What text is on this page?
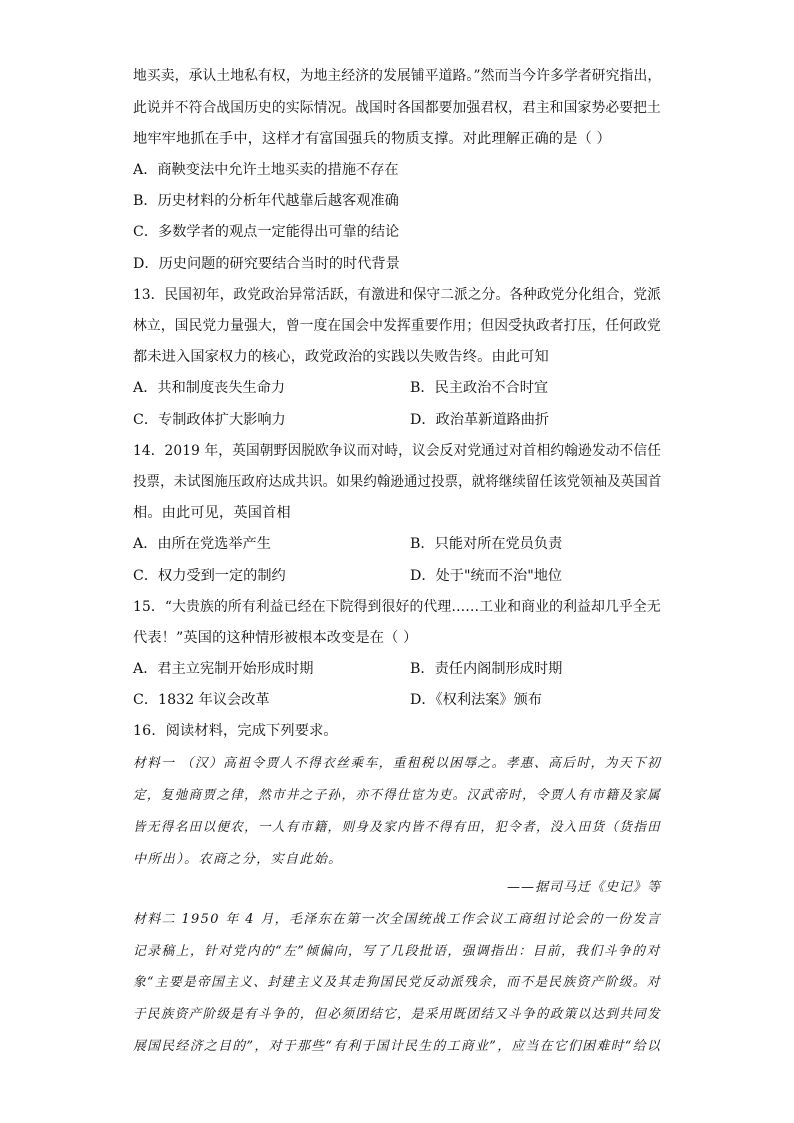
地买卖，承认土地私有权，为地主经济的发展铺平道路。”然而当今许多学者研究指出，
此说并不符合战国历史的实际情况。战国时各国都要加强君权，君主和国家势必要把土
地牢牢地抓在手中，这样才有富国强兵的物质支撑。对此理解正确的是（ ）
A．商鞅变法中允许土地买卖的措施不存在
B．历史材料的分析年代越靠后越客观准确
C．多数学者的观点一定能得出可靠的结论
D．历史问题的研究要结合当时的时代背景
13．民国初年，政党政治异常活跃，有激进和保守二派之分。各种政党分化组合，党派
林立，国民党力量强大，曾一度在国会中发挥重要作用；但因受执政者打压，任何政党
都未进入国家权力的核心，政党政治的实践以失败告终。由此可知
A．共和制度丧失生命力	B．民主政治不合时宜
C．专制政体扩大影响力	D．政治革新道路曲折
14．2019 年，英国朝野因脱欧争议而对峙，议会反对党通过对首相约翰逊发动不信任
投票，未试图施压政府达成共识。如果约翰逊通过投票，就将继续留任该党领袖及英国首
相。由此可见，英国首相
A．由所在党选举产生	B．只能对所在党员负责
C．权力受到一定的制约	D．处于"统而不治"地位
15．“大贵族的所有利益已经在下院得到很好的代理……工业和商业的利益却几乎全无
代表！”英国的这种情形被根本改变是在（ ）
A．君主立宪制开始形成时期	B．责任内阁制形成时期
C．1832 年议会改革	D．《权利法案》颁布
16．阅读材料，完成下列要求。
材料一 （汉）高祖令贾人不得衣丝乘车，重租税以困辱之。孝惠、高后时，为天下初
定，复弛商贾之律，然市井之子孙，亦不得仕宦为吏。汉武帝时，令贾人有市籍及家属
皆无得名田以便农，一人有市籍，则身及家内皆不得有田，犯令者，没入田货（货指田
中所出）。农商之分，实自此始。
——据司马迁《史记》等
材料二 1950 年 4 月，毛泽东在第一次全国统战工作会议工商组讨论会的一份发言
记录稿上，针对党内的“左”倾偏向，写了几段批语，强调指出：目前，我们斗争的对
象“主要是帝国主义、封建主义及其走狗国民党反动派残余，而不是民族资产阶级。对
于民族资产阶级是有斗争的，但必须团结它，是采用既团结又斗争的政策以达到共同发
展国民经济之目的”，对于那些“有利于国计民生的工商业”，应当在它们困难时“给以
